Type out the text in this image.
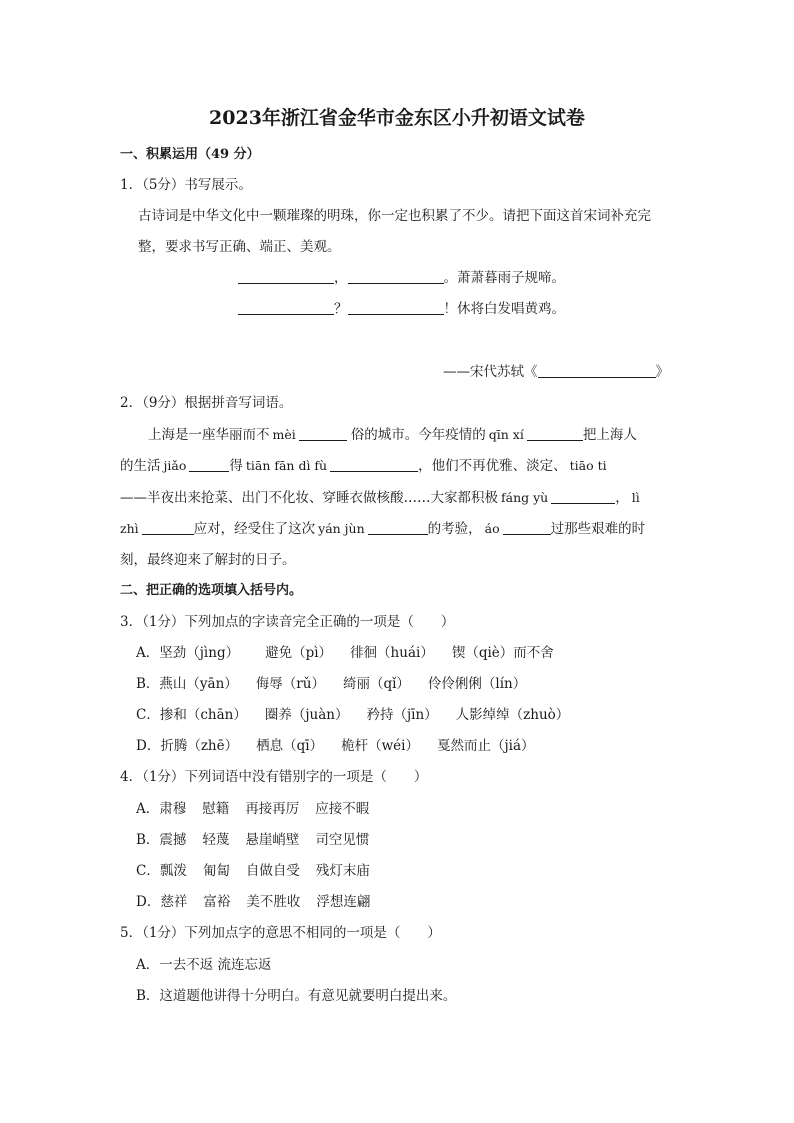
2023年浙江省金华市金东区小升初语文试卷
一、积累运用（49 分）
1．（5分）书写展示。
古诗词是中华文化中一颗璀璨的明珠，你一定也积累了不少。请把下面这首宋词补充完
整，要求书写正确、端正、美观。
，	。萧萧暮雨子规啼。
？	！休将白发唱黄鸡。
——宋代苏轼《	》
2．（9分）根据拼音写词语。
上海是一座华丽而不 mèi	俗的城市。今年疫情的 qīn xí	把上海人
的生活 jiǎo	得 tiān fān dì fù	，他们不再优雅、淡定、 tiāo ti
——半夜出来抢菜、出门不化妆、穿睡衣做核酸……大家都积极 fáng yù	， lì
zhì	应对，经受住了这次 yán jùn	的考验， áo	过那些艰难的时
刻，最终迎来了解封的日子。
二、把正确的选项填入括号内。
3．（1分）下列加点的字读音完全正确的一项是（　　）
A．坚劲（jìng） 避免（pì） 徘徊（huái） 锲（qiè）而不舍
B．燕山（yān） 侮辱（rǔ） 绮丽（qǐ） 伶伶俐俐（lín）
C．掺和（chān） 圈养（juàn） 矜持（jīn） 人影绰绰（zhuò）
D．折腾（zhē） 栖息（qī） 桅杆（wéi） 戛然而止（jiá）
4．（1分）下列词语中没有错别字的一项是（　　）
A．肃穆 慰籍 再接再厉 应接不暇
B．震撼 轻蔑 悬崖峭壁 司空见惯
C．瓢泼 匍匐 自做自受 残灯末庙
D．慈祥 富裕 美不胜收 浮想连翩
5．（1分）下列加点字的意思不相同的一项是（　　）
A．一去不返 流连忘返
B．这道题他讲得十分明白。有意见就要明白提出来。
